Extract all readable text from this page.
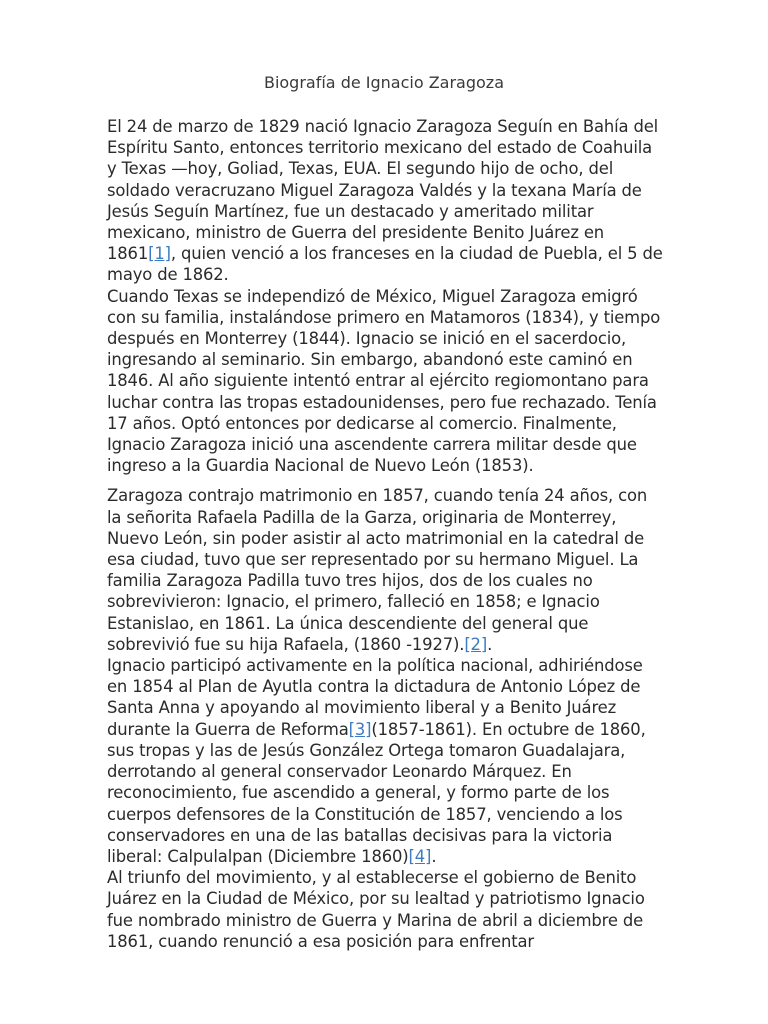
Biografía de Ignacio Zaragoza

El 24 de marzo de 1829 nació Ignacio Zaragoza Seguín en Bahía del Espíritu Santo, entonces territorio mexicano del estado de Coahuila y Texas —hoy, Goliad, Texas, EUA. El segundo hijo de ocho, del soldado veracruzano Miguel Zaragoza Valdés y la texana María de Jesús Seguín Martínez, fue un destacado y ameritado militar mexicano, ministro de Guerra del presidente Benito Juárez en 1861[1], quien venció a los franceses en la ciudad de Puebla, el 5 de mayo de 1862.

Cuando Texas se independizó de México, Miguel Zaragoza emigró con su familia, instalándose primero en Matamoros (1834), y tiempo después en Monterrey (1844). Ignacio se inició en el sacerdocio, ingresando al seminario. Sin embargo, abandonó este caminó en 1846. Al año siguiente intentó entrar al ejército regiomontano para luchar contra las tropas estadounidenses, pero fue rechazado. Tenía 17 años. Optó entonces por dedicarse al comercio. Finalmente, Ignacio Zaragoza inició una ascendente carrera militar desde que ingreso a la Guardia Nacional de Nuevo León (1853).

Zaragoza contrajo matrimonio en 1857, cuando tenía 24 años, con la señorita Rafaela Padilla de la Garza, originaria de Monterrey, Nuevo León, sin poder asistir al acto matrimonial en la catedral de esa ciudad, tuvo que ser representado por su hermano Miguel. La familia Zaragoza Padilla tuvo tres hijos, dos de los cuales no sobrevivieron: Ignacio, el primero, falleció en 1858; e Ignacio Estanislao, en 1861. La única descendiente del general que sobrevivió fue su hija Rafaela, (1860 -1927).[2].

Ignacio participó activamente en la política nacional, adhiriéndose en 1854 al Plan de Ayutla contra la dictadura de Antonio López de Santa Anna y apoyando al movimiento liberal y a Benito Juárez durante la Guerra de Reforma[3](1857-1861). En octubre de 1860, sus tropas y las de Jesús González Ortega tomaron Guadalajara, derrotando al general conservador Leonardo Márquez. En reconocimiento, fue ascendido a general, y formo parte de los cuerpos defensores de la Constitución de 1857, venciendo a los conservadores en una de las batallas decisivas para la victoria liberal: Calpulalpan (Diciembre 1860)[4].

Al triunfo del movimiento, y al establecerse el gobierno de Benito Juárez en la Ciudad de México, por su lealtad y patriotismo Ignacio fue nombrado ministro de Guerra y Marina de abril a diciembre de 1861, cuando renunció a esa posición para enfrentar
